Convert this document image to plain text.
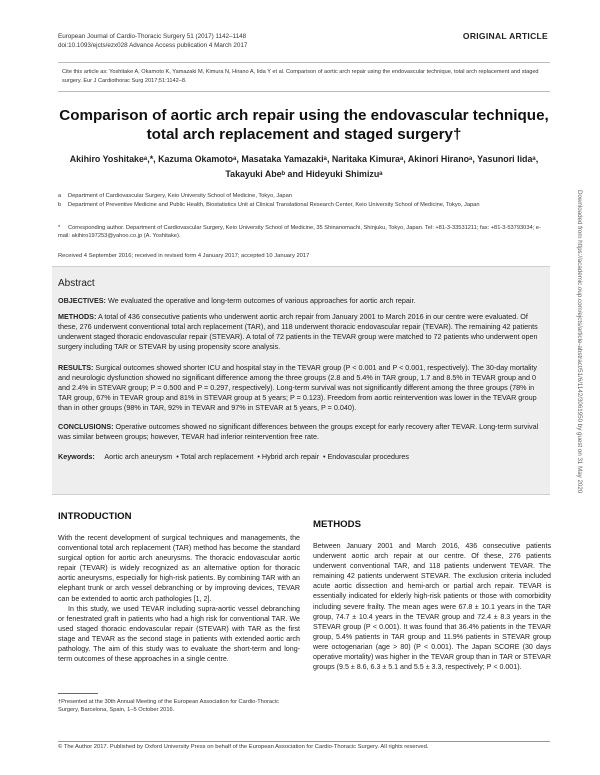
European Journal of Cardio-Thoracic Surgery 51 (2017) 1142–1148
doi:10.1093/ejcts/ezx028 Advance Access publication 4 March 2017
ORIGINAL ARTICLE
Downloaded from https://academic.oup.com/ejcts/article-abstract/51/6/1142/3061950 by guest on 31 May 2020
Cite this article as: Yoshitake A, Okamoto K, Yamazaki M, Kimura N, Hirano A, Iida Y et al. Comparison of aortic arch repair using the endovascular technique, total arch replacement and staged surgery. Eur J Cardiothorac Surg 2017;51:1142–8.
Comparison of aortic arch repair using the endovascular technique,
total arch replacement and staged surgery†
Akihiro Yoshitakeᵃ,*, Kazuma Okamotoᵃ, Masataka Yamazakiᵃ, Naritaka Kimuraᵃ, Akinori Hiranoᵃ, Yasunori Iidaᵃ,
Takayuki Abeᵇ and Hideyuki Shimizuᵃ
a Department of Cardiovascular Surgery, Keio University School of Medicine, Tokyo, Japan
b Department of Preventive Medicine and Public Health, Biostatistics Unit at Clinical Translational Research Center, Keio University School of Medicine, Tokyo, Japan
* Corresponding author. Department of Cardiovascular Surgery, Keio University School of Medicine, 35 Shinanomachi, Shinjuku, Tokyo, Japan. Tel: +81-3-33531211; fax: +81-3-53793034; e-mail: akihiro197253@yahoo.co.jp (A. Yoshitake).
Received 4 September 2016; received in revised form 4 January 2017; accepted 10 January 2017
Abstract
OBJECTIVES: We evaluated the operative and long-term outcomes of various approaches for aortic arch repair.
METHODS: A total of 436 consecutive patients who underwent aortic arch repair from January 2001 to March 2016 in our centre were evaluated. Of these, 276 underwent conventional total arch replacement (TAR), and 118 underwent thoracic endovascular repair (TEVAR). The remaining 42 patients underwent staged thoracic endovascular repair (STEVAR). A total of 72 patients in the TEVAR group were matched to 72 patients who underwent open surgery including TAR or STEVAR by using propensity score analysis.
RESULTS: Surgical outcomes showed shorter ICU and hospital stay in the TEVAR group (P < 0.001 and P < 0.001, respectively). The 30-day mortality and neurologic dysfunction showed no significant difference among the three groups (2.8 and 5.4% in TAR group, 1.7 and 8.5% in TEVAR group and 0 and 2.4% in STEVAR group; P = 0.500 and P = 0.297, respectively). Long-term survival was not significantly different among the three groups (78% in TAR group, 67% in TEVAR group and 81% in STEVAR group at 5 years; P = 0.123). Freedom from aortic reintervention was lower in the TEVAR group than in other groups (98% in TAR, 92% in TEVAR and 97% in STEVAR at 5 years, P = 0.040).
CONCLUSIONS: Operative outcomes showed no significant differences between the groups except for early recovery after TEVAR. Long-term survival was similar between groups; however, TEVAR had inferior reintervention free rate.
Keywords: Aortic arch aneurysm • Total arch replacement • Hybrid arch repair • Endovascular procedures
INTRODUCTION

With the recent development of surgical techniques and managements, the conventional total arch replacement (TAR) method has become the standard surgical option for aortic arch aneurysms. The thoracic endovascular aortic repair (TEVAR) is widely recognized as an alternative option for thoracic aortic aneurysms, especially for high-risk patients. By combining TAR with an elephant trunk or arch vessel debranching or by improving devices, TEVAR can be extended to aortic arch pathologies [1, 2].

In this study, we used TEVAR including supra-aortic vessel debranching or fenestrated graft in patients who had a high risk for conventional TAR. We used staged thoracic endovascular repair (STEVAR) with TAR as the first stage and TEVAR as the second stage in patients with extended aortic arch pathology. The aim of this study was to evaluate the short-term and long-term outcomes of these approaches in a single centre.

†Presented at the 30th Annual Meeting of the European Association for Cardio-Thoracic Surgery, Barcelona, Spain, 1–5 October 2016.
METHODS

Between January 2001 and March 2016, 436 consecutive patients underwent aortic arch repair at our centre. Of these, 276 patients underwent conventional TAR, and 118 patients underwent TEVAR. The remaining 42 patients underwent STEVAR. The exclusion criteria included acute aortic dissection and hemi-arch or partial arch repair. TEVAR is essentially indicated for elderly high-risk patients or those with comorbidity including severe frailty. The mean ages were 67.8 ± 10.1 years in the TAR group, 74.7 ± 10.4 years in the TEVAR group and 72.4 ± 8.3 years in the STEVAR group (P < 0.001). It was found that 36.4% patients in the TEVAR group, 5.4% patients in TAR group and 11.9% patients in STEVAR group were octogenarian (age > 80) (P < 0.001). The Japan SCORE (30 days operative mortality) was higher in the TEVAR group than in TAR or STEVAR groups (9.5 ± 8.6, 6.3 ± 5.1 and 5.5 ± 3.3, respectively; P < 0.001).

© The Author 2017. Published by Oxford University Press on behalf of the European Association for Cardio-Thoracic Surgery. All rights reserved.
